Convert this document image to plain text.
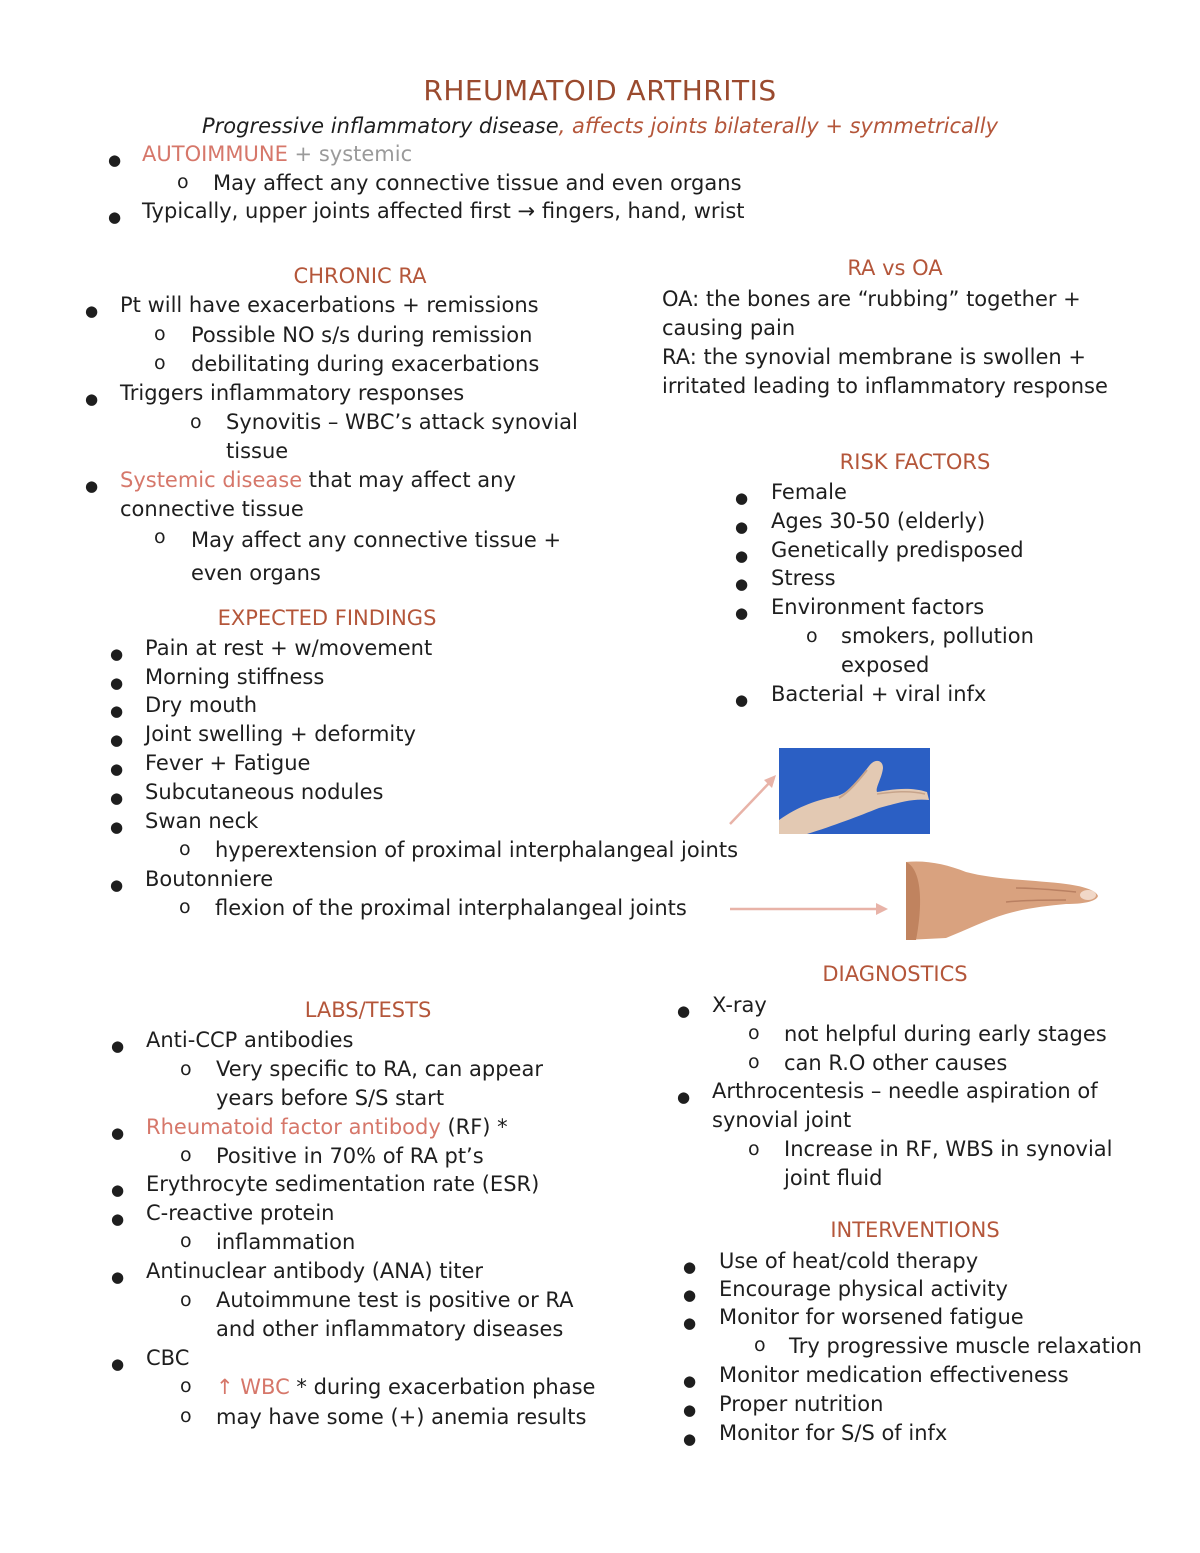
RHEUMATOID ARTHRITIS
Progressive inflammatory disease, affects joints bilaterally + symmetrically
● AUTOIMMUNE + systemic
o May affect any connective tissue and even organs
● Typically, upper joints affected first → fingers, hand, wrist
CHRONIC RA
● Pt will have exacerbations + remissions
o Possible NO s/s during remission
o debilitating during exacerbations
● Triggers inflammatory responses
o Synovitis – WBC’s attack synovial tissue
● Systemic disease that may affect any connective tissue
o May affect any connective tissue + even organs
RA vs OA
OA: the bones are “rubbing” together + causing pain
RA: the synovial membrane is swollen + irritated leading to inflammatory response
RISK FACTORS
● Female
● Ages 30-50 (elderly)
● Genetically predisposed
● Stress
● Environment factors
o smokers, pollution exposed
● Bacterial + viral infx
EXPECTED FINDINGS
● Pain at rest + w/movement
● Morning stiffness
● Dry mouth
● Joint swelling + deformity
● Fever + Fatigue
● Subcutaneous nodules
● Swan neck
o hyperextension of proximal interphalangeal joints
● Boutonniere
o flexion of the proximal interphalangeal joints
DIAGNOSTICS
● X-ray
o not helpful during early stages
o can R.O other causes
● Arthrocentesis – needle aspiration of synovial joint
o Increase in RF, WBS in synovial joint fluid
LABS/TESTS
● Anti-CCP antibodies
o Very specific to RA, can appear years before S/S start
● Rheumatoid factor antibody (RF) *
o Positive in 70% of RA pt’s
● Erythrocyte sedimentation rate (ESR)
● C-reactive protein
o inflammation
● Antinuclear antibody (ANA) titer
o Autoimmune test is positive or RA and other inflammatory diseases
● CBC
o ↑ WBC * during exacerbation phase
o may have some (+) anemia results
INTERVENTIONS
● Use of heat/cold therapy
● Encourage physical activity
● Monitor for worsened fatigue
o Try progressive muscle relaxation
● Monitor medication effectiveness
● Proper nutrition
● Monitor for S/S of infx
